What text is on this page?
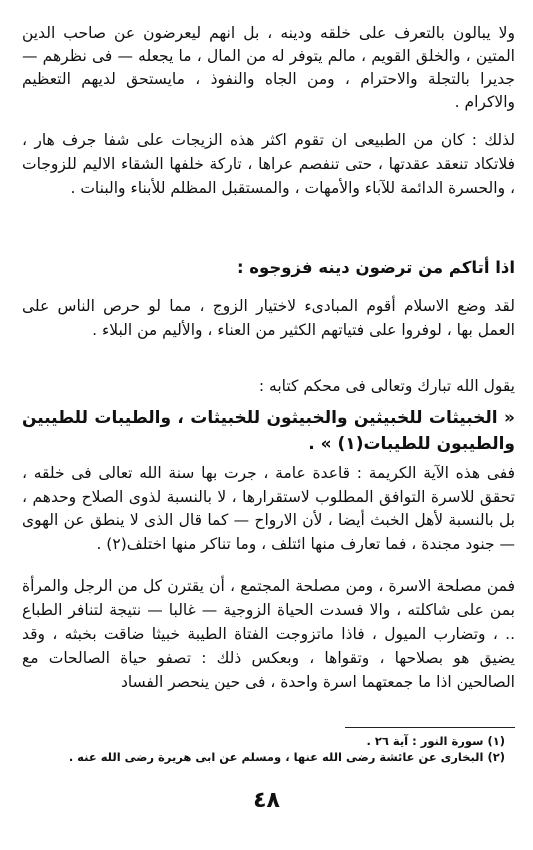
ولا يبالون بالتعرف على خلقه ودينه ، بل انهم ليعرضون عن صاحب الدين المتين ، والخلق القويم ، مالم يتوفر له من المال ، ما يجعله — فى نظرهم — جديرا بالتجلة والاحترام ، ومن الجاه والنفوذ ، مايستحق لديهم التعظيم والاكرام .
لذلك : كان من الطبيعى ان تقوم اكثر هذه الزيجات على شفا جرف هار ، فلاتكاد تنعقد عقدتها ، حتى تنفصم عراها ، تاركة خلفها الشقاء الاليم للزوجات ، والحسرة الدائمة للآباء والأمهات ، والمستقبل المظلم للأبناء والبنات .
اذا أتاكم من ترضون دينه فزوجوه :
لقد وضع الاسلام أقوم المبادىء لاختيار الزوج ، مما لو حرص الناس على العمل بها ، لوفروا على فتياتهم الكثير من العناء ، والأليم من البلاء .
يقول الله تبارك وتعالى فى محكم كتابه :
« الخبيثات للخبيثين والخبيثون للخبيثات ، والطيبات للطيبين والطيبون للطيبات(١) » .
ففى هذه الآية الكريمة : قاعدة عامة ، جرت بها سنة الله تعالى فى خلقه ، تحقق للاسرة التوافق المطلوب لاستقرارها ، لا بالنسبة لذوى الصلاح وحدهم ، بل بالنسبة لأهل الخبث أيضا ، لأن الارواح — كما قال الذى لا ينطق عن الهوى — جنود مجندة ، فما تعارف منها ائتلف ، وما تناكر منها اختلف(٢) .
فمن مصلحة الاسرة ، ومن مصلحة المجتمع ، أن يقترن كل من الرجل والمرأة بمن على شاكلته ، والا فسدت الحياة الزوجية — غالبا — نتيجة لتنافر الطباع .. ، وتضارب الميول ، فاذا ماتزوجت الفتاة الطيبة خبيثا ضاقت بخبثه ، وقد يضيق هو بصلاحها ، وتقواها ، وبعكس ذلك : تصفو حياة الصالحات مع الصالحين اذا ما جمعتهما اسرة واحدة ، فى حين ينحصر الفساد
(١) سورة النور : آية ٢٦ .
(٢) البخارى عن عائشة رضى الله عنها ، ومسلم عن ابى هريرة رضى الله عنه .
٤٨
